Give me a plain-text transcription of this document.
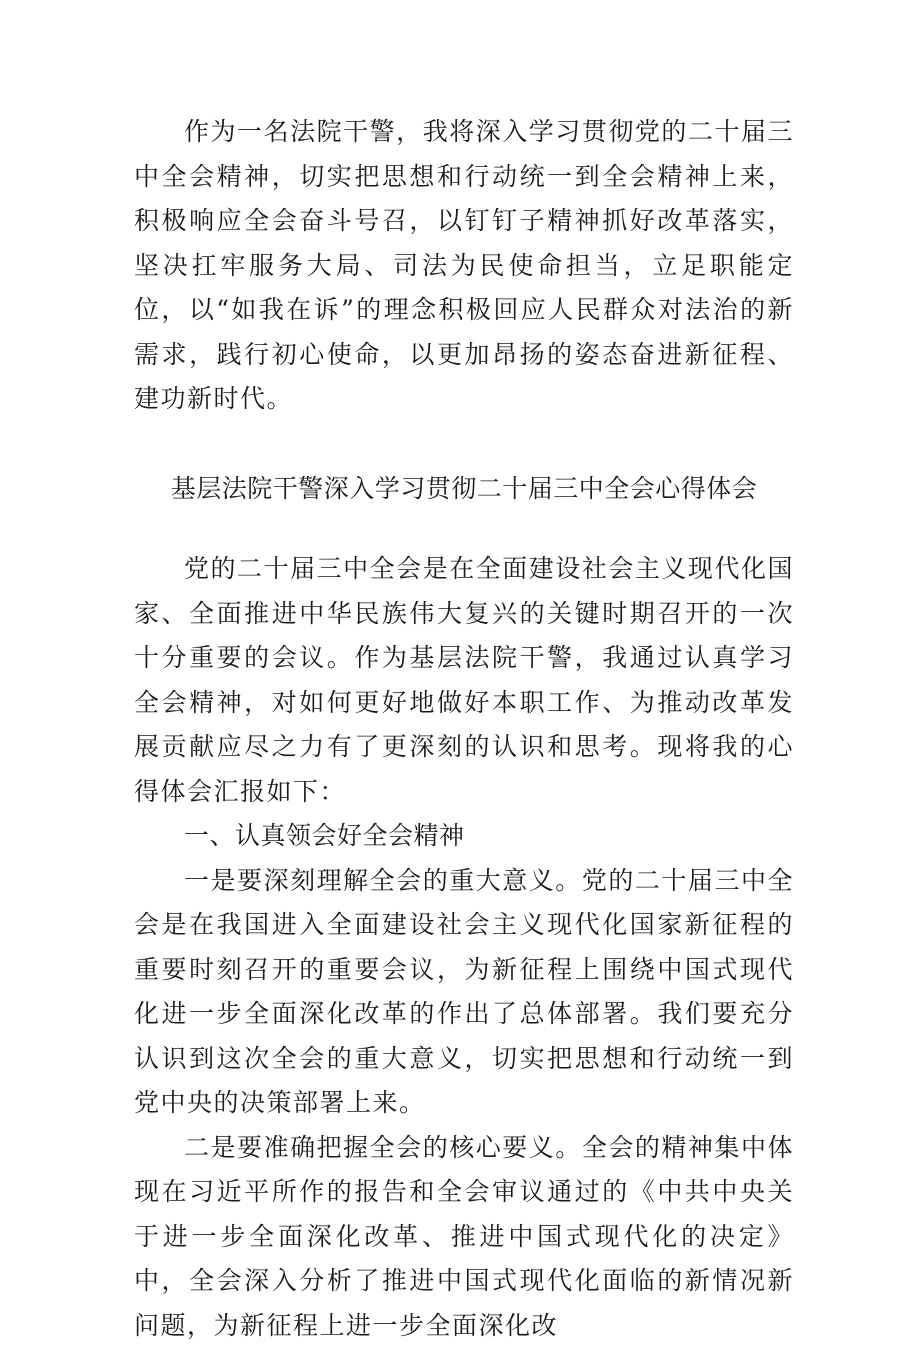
作为一名法院干警，我将深入学习贯彻党的二十届三中全会精神，切实把思想和行动统一到全会精神上来，积极响应全会奋斗号召，以钉钉子精神抓好改革落实，坚决扛牢服务大局、司法为民使命担当，立足职能定位，以“如我在诉”的理念积极回应人民群众对法治的新需求，践行初心使命，以更加昂扬的姿态奋进新征程、建功新时代。

基层法院干警深入学习贯彻二十届三中全会心得体会

党的二十届三中全会是在全面建设社会主义现代化国家、全面推进中华民族伟大复兴的关键时期召开的一次十分重要的会议。作为基层法院干警，我通过认真学习全会精神，对如何更好地做好本职工作、为推动改革发展贡献应尽之力有了更深刻的认识和思考。现将我的心得体会汇报如下：

一、认真领会好全会精神

一是要深刻理解全会的重大意义。党的二十届三中全会是在我国进入全面建设社会主义现代化国家新征程的重要时刻召开的重要会议，为新征程上围绕中国式现代化进一步全面深化改革的作出了总体部署。我们要充分认识到这次全会的重大意义，切实把思想和行动统一到党中央的决策部署上来。

二是要准确把握全会的核心要义。全会的精神集中体现在习近平所作的报告和全会审议通过的《中共中央关于进一步全面深化改革、推进中国式现代化的决定》中，全会深入分析了推进中国式现代化面临的新情况新问题，为新征程上进一步全面深化改
